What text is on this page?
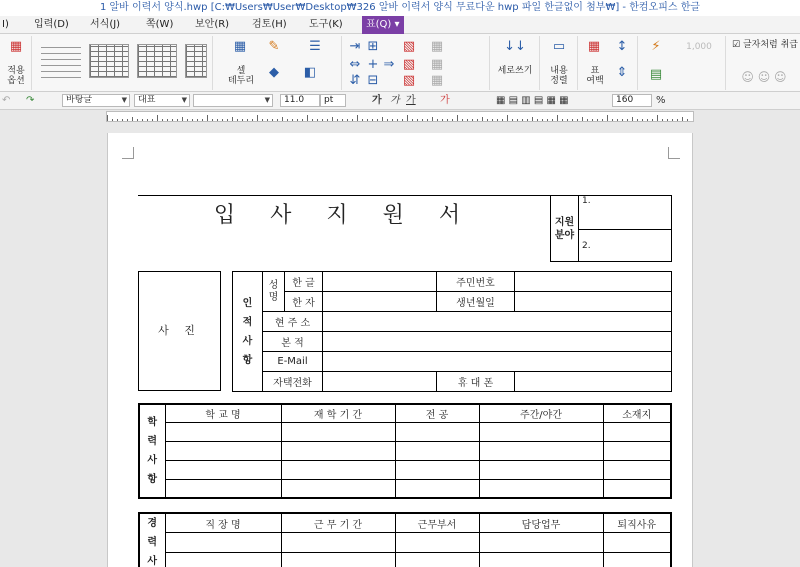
1 알바 이력서 양식.hwp [C:₩Users₩User₩Desktop₩326 알바 이력서 양식 무료다운 hwp 파일 한글없이 첨부₩] - 한컴오피스 한글
I)	입력(D) 서식(J)	쪽(W) 보안(R) 검토(H) 도구(K)	표(Q) ▾
▦
적용
옵션
▦
셀
테두리
✎	☰
◆	◧
⇥ ⊞ ▧ ▦
⇔ + ⇒ ▧ ▦
⇵ ⊟ ▧ ▦
↓↓
세로쓰기
▭
내용
정렬
▦
표
여백
↕
⇕
⚡	1,000
▤
☑ 글자처럼 취급
☺ ☺ ☺
↶ ↷	바탕글	▼	대표	▼	▼	11.0	pt	가 가 가 가	▦ ▤ ▥ ▤ ▦ ▦	160	%
입 사 지 원 서	지원
분야	1.
2.
사 진
인
적
사
항	성
명	한 글		주민번호	
		한 자		생년월일	
	현 주 소				
	본 적				
	E-Mail				
	자택전화			휴 대 폰	
학
력
사
항	학 교 명	재 학 기 간	전 공	주간/야간	소재지

경
력
사	직 장 명	근 무 기 간	근무부서	담당업무	퇴직사유
